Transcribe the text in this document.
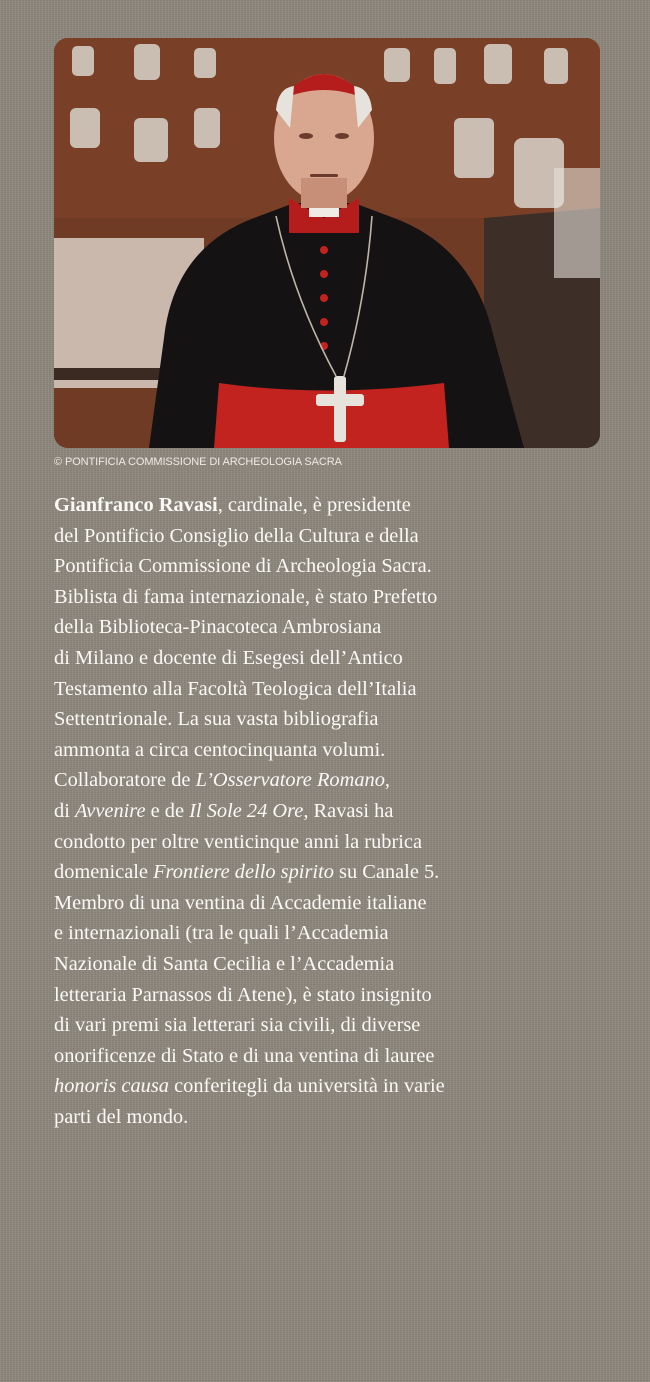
© PONTIFICIA COMMISSIONE DI ARCHEOLOGIA SACRA

Gianfranco Ravasi, cardinale, è presidente
del Pontificio Consiglio della Cultura e della
Pontificia Commissione di Archeologia Sacra.
Biblista di fama internazionale, è stato Prefetto
della Biblioteca-Pinacoteca Ambrosiana
di Milano e docente di Esegesi dell’Antico
Testamento alla Facoltà Teologica dell’Italia
Settentrionale. La sua vasta bibliografia
ammonta a circa centocinquanta volumi.
Collaboratore de L’Osservatore Romano,
di Avvenire e de Il Sole 24 Ore, Ravasi ha
condotto per oltre venticinque anni la rubrica
domenicale Frontiere dello spirito su Canale 5.
Membro di una ventina di Accademie italiane
e internazionali (tra le quali l’Accademia
Nazionale di Santa Cecilia e l’Accademia
letteraria Parnassos di Atene), è stato insignito
di vari premi sia letterari sia civili, di diverse
onorificenze di Stato e di una ventina di lauree
honoris causa conferitegli da università in varie
parti del mondo.
